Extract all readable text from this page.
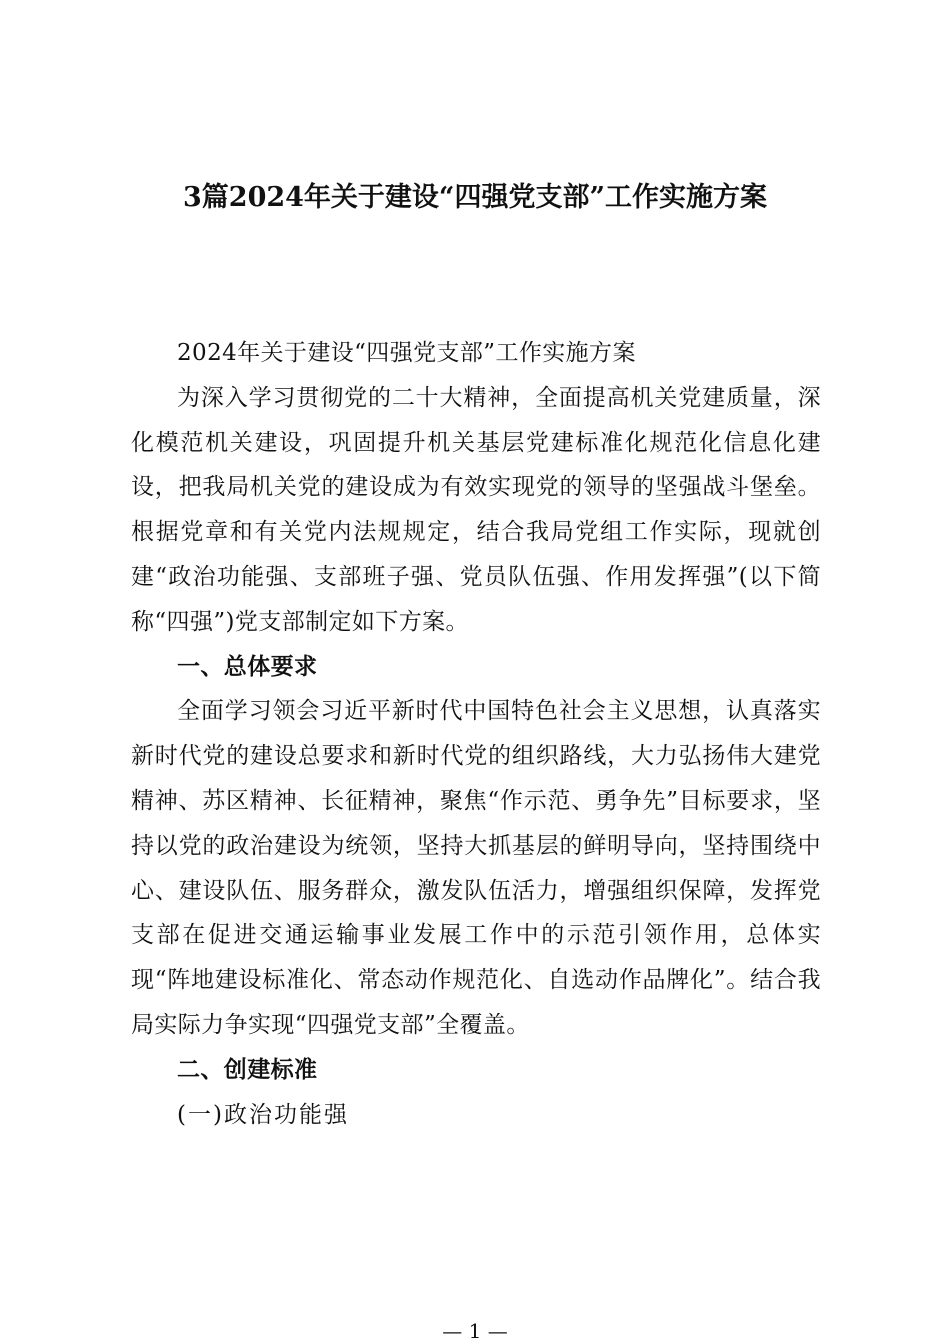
3篇2024年关于建设“四强党支部”工作实施方案

2024年关于建设“四强党支部”工作实施方案

为深入学习贯彻党的二十大精神，全面提高机关党建质量，深化模范机关建设，巩固提升机关基层党建标准化规范化信息化建设，把我局机关党的建设成为有效实现党的领导的坚强战斗堡垒。根据党章和有关党内法规规定，结合我局党组工作实际，现就创建“政治功能强、支部班子强、党员队伍强、作用发挥强”(以下简称“四强”)党支部制定如下方案。

一、总体要求

全面学习领会习近平新时代中国特色社会主义思想，认真落实新时代党的建设总要求和新时代党的组织路线，大力弘扬伟大建党精神、苏区精神、长征精神，聚焦“作示范、勇争先”目标要求，坚持以党的政治建设为统领，坚持大抓基层的鲜明导向，坚持围绕中心、建设队伍、服务群众，激发队伍活力，增强组织保障，发挥党支部在促进交通运输事业发展工作中的示范引领作用，总体实现“阵地建设标准化、常态动作规范化、自选动作品牌化”。结合我局实际力争实现“四强党支部”全覆盖。

二、创建标准

(一)政治功能强

— 1 —
